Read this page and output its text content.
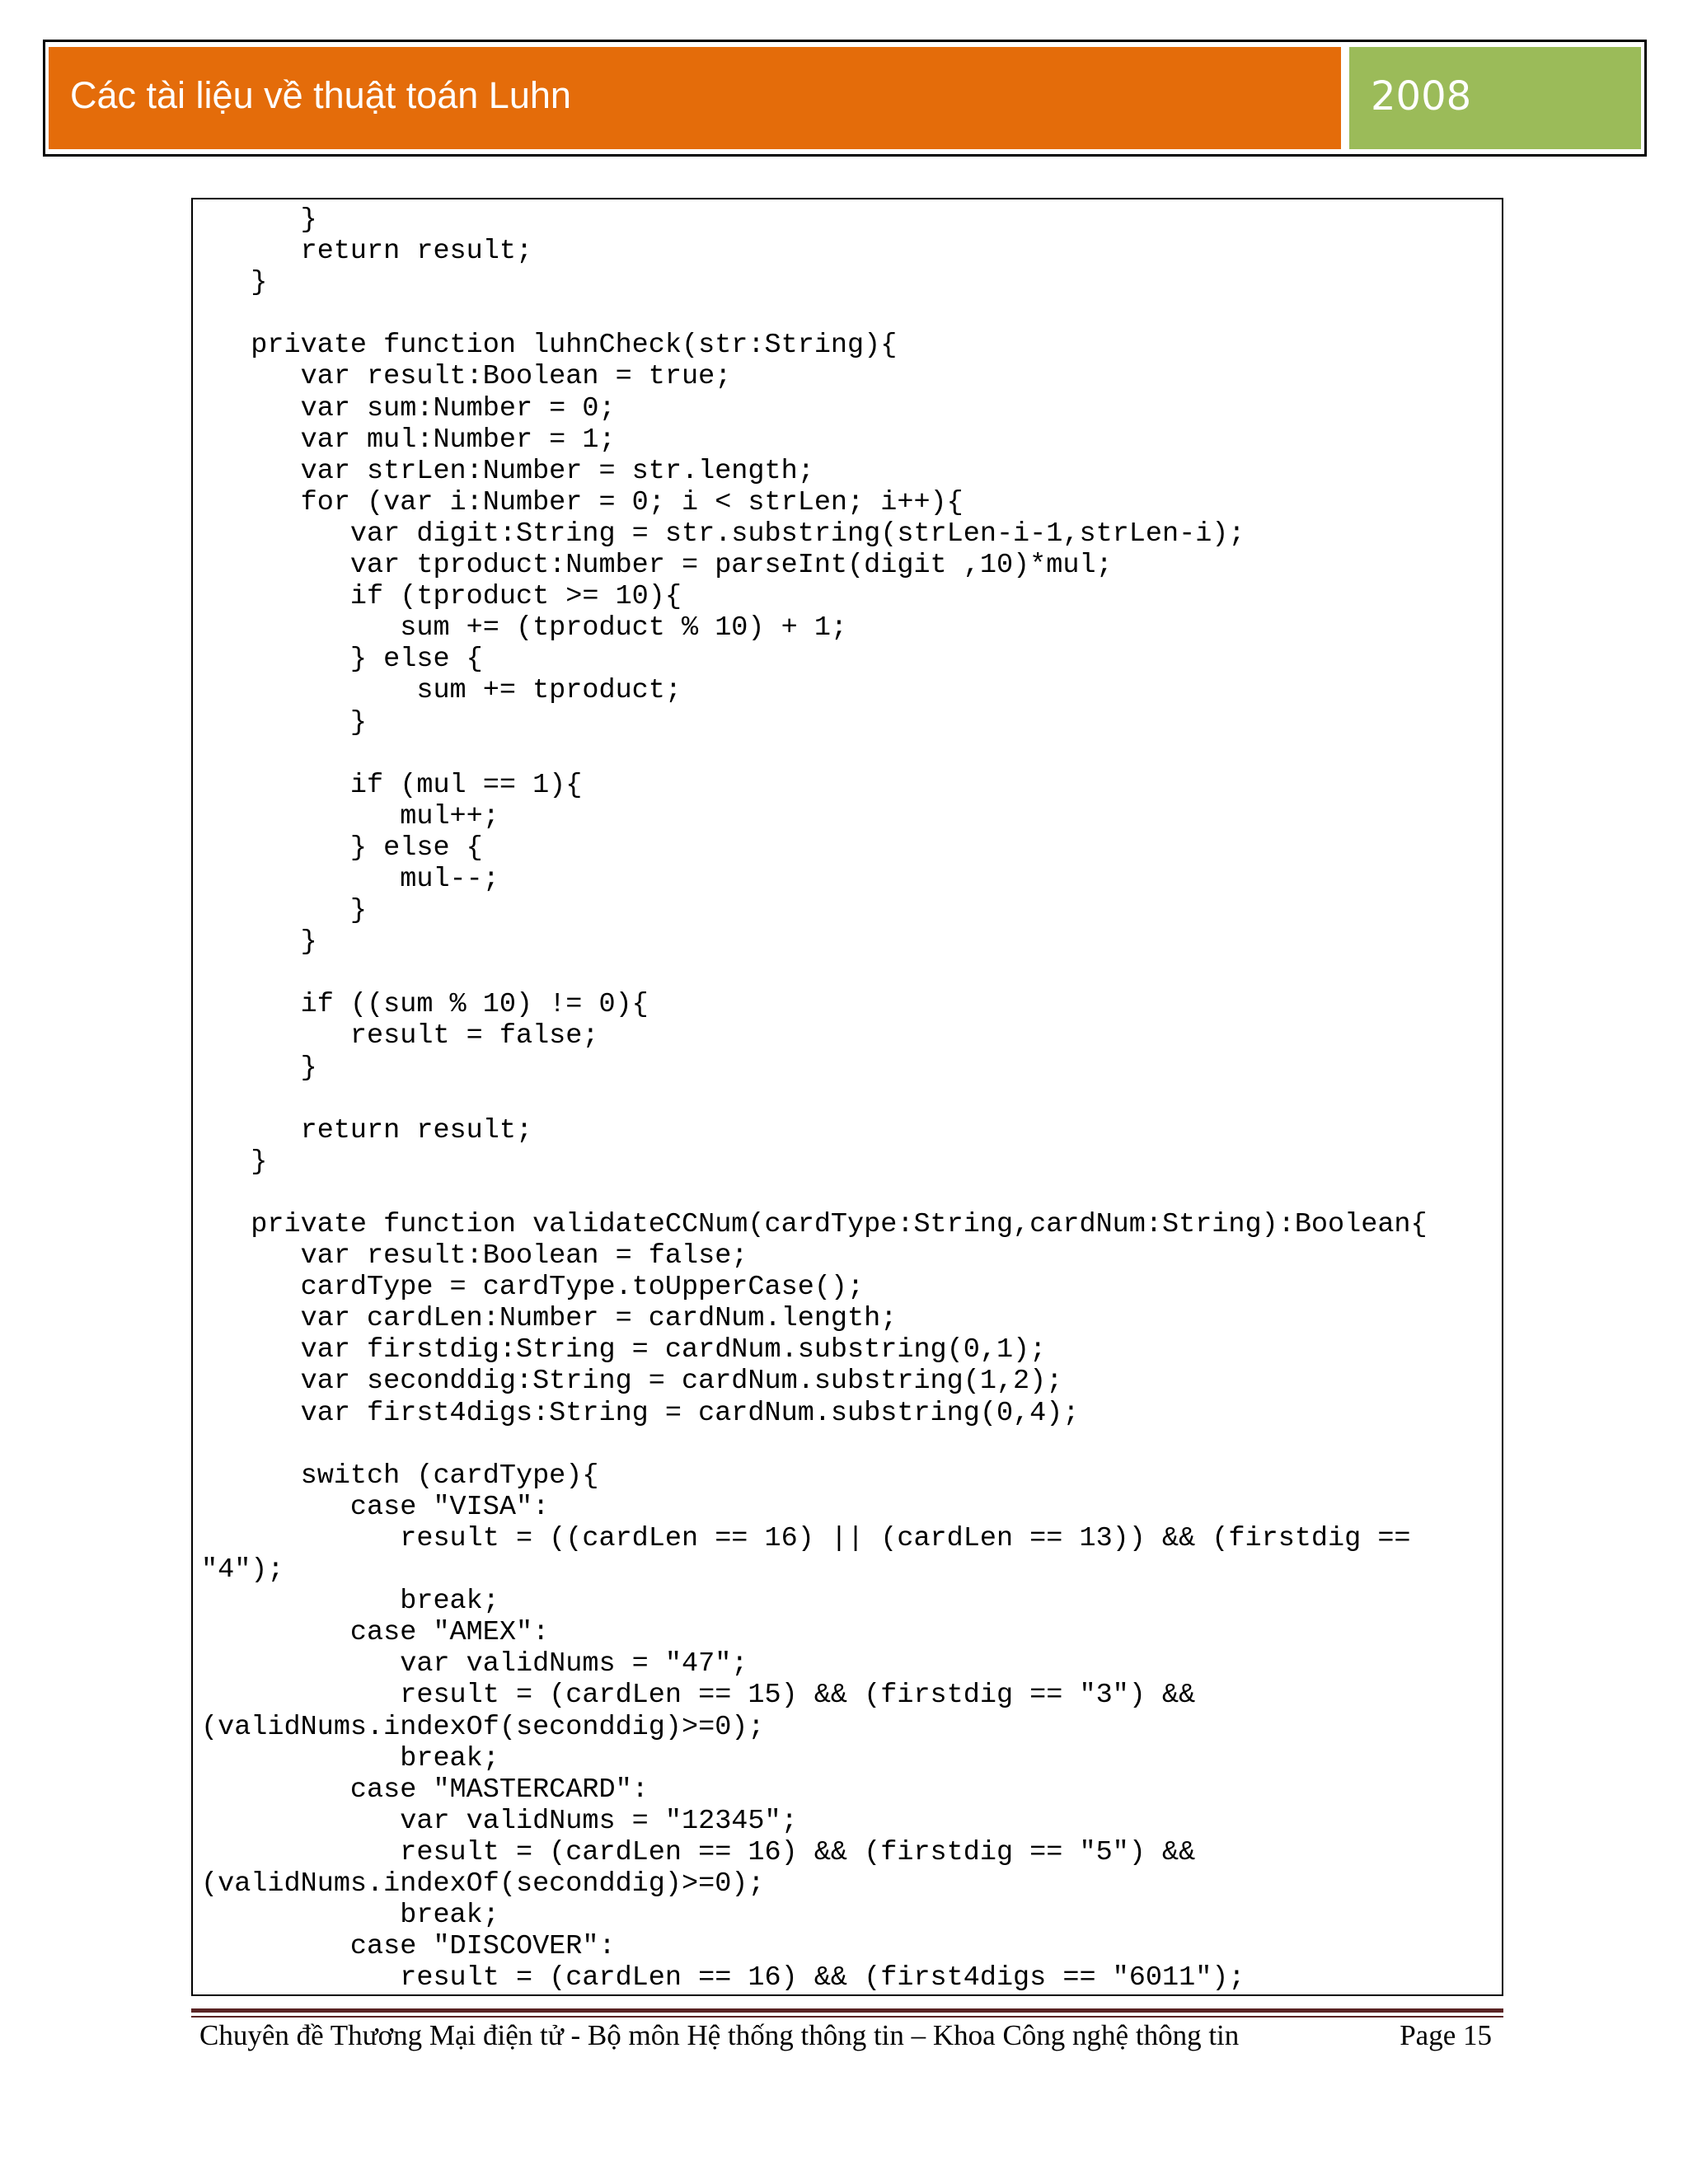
Các tài liệu về thuật toán Luhn	2008
}
return result;
}

private function luhnCheck(str:String){
var result:Boolean = true;
var sum:Number = 0;
var mul:Number = 1;
var strLen:Number = str.length;
for (var i:Number = 0; i < strLen; i++){
var digit:String = str.substring(strLen-i-1,strLen-i);
var tproduct:Number = parseInt(digit ,10)*mul;
if (tproduct >= 10){
sum += (tproduct % 10) + 1;
} else {
sum += tproduct;
}

if (mul == 1){
mul++;
} else {
mul--;
}
}

if ((sum % 10) != 0){
result = false;
}

return result;
}

private function validateCCNum(cardType:String,cardNum:String):Boolean{
var result:Boolean = false;
cardType = cardType.toUpperCase();
var cardLen:Number = cardNum.length;
var firstdig:String = cardNum.substring(0,1);
var seconddig:String = cardNum.substring(1,2);
var first4digs:String = cardNum.substring(0,4);

switch (cardType){
case "VISA":
result = ((cardLen == 16) || (cardLen == 13)) && (firstdig ==
"4");
break;
case "AMEX":
var validNums = "47";
result = (cardLen == 15) && (firstdig == "3") &&
(validNums.indexOf(seconddig)>=0);
break;
case "MASTERCARD":
var validNums = "12345";
result = (cardLen == 16) && (firstdig == "5") &&
(validNums.indexOf(seconddig)>=0);
break;
case "DISCOVER":
result = (cardLen == 16) && (first4digs == "6011");
Chuyên đề Thương Mại điện tử - Bộ môn Hệ thống thông tin – Khoa Công nghệ thông tin	Page 15
